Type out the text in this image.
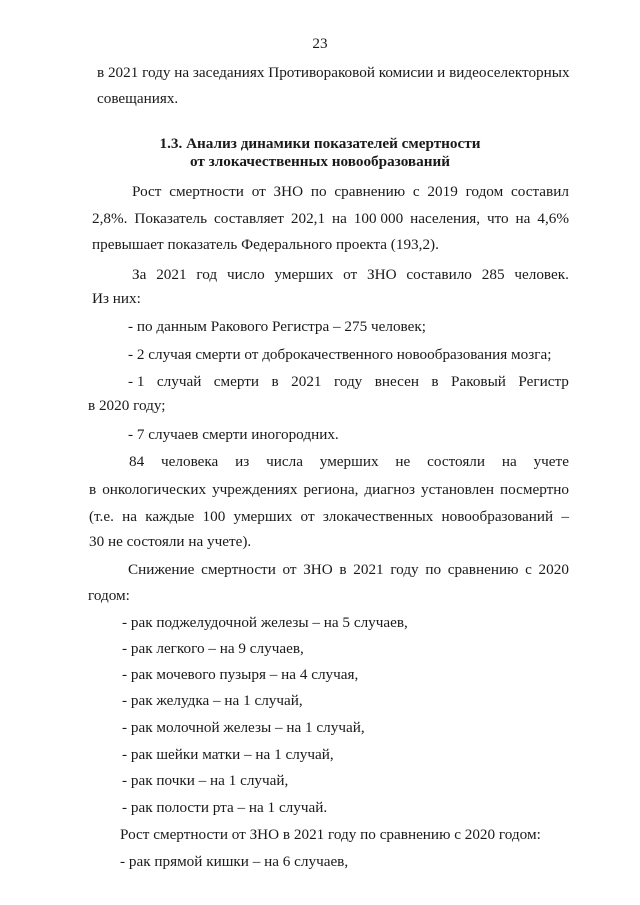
23
в 2021 году на заседаниях Противораковой комисии и видеоселекторных
совещаниях.
1.3. Анализ динамики показателей смертности
от злокачественных новообразований
Рост смертности от ЗНО по сравнению с 2019 годом составил
2,8%. Показатель составляет 202,1 на 100 000 населения, что на 4,6%
превышает показатель Федерального проекта (193,2).
За 2021 год число умерших от ЗНО составило 285 человек.
Из них:
- по данным Ракового Регистра – 275 человек;
- 2 случая смерти от доброкачественного новообразования мозга;
- 1 случай смерти в 2021 году внесен в Раковый Регистр
в 2020 году;
- 7 случаев смерти иногородних.
84 человека из числа умерших не состояли на учете
в онкологических учреждениях региона, диагноз установлен посмертно
(т.е. на каждые 100 умерших от злокачественных новообразований –
30 не состояли на учете).
Снижение смертности от ЗНО в 2021 году по сравнению с 2020
годом:
- рак поджелудочной железы – на 5 случаев,
- рак легкого – на 9 случаев,
- рак мочевого пузыря – на 4 случая,
- рак желудка – на 1 случай,
- рак молочной железы – на 1 случай,
- рак шейки матки – на 1 случай,
- рак почки – на 1 случай,
- рак полости рта – на 1 случай.
Рост смертности от ЗНО в 2021 году по сравнению с 2020 годом:
- рак прямой кишки – на 6 случаев,
